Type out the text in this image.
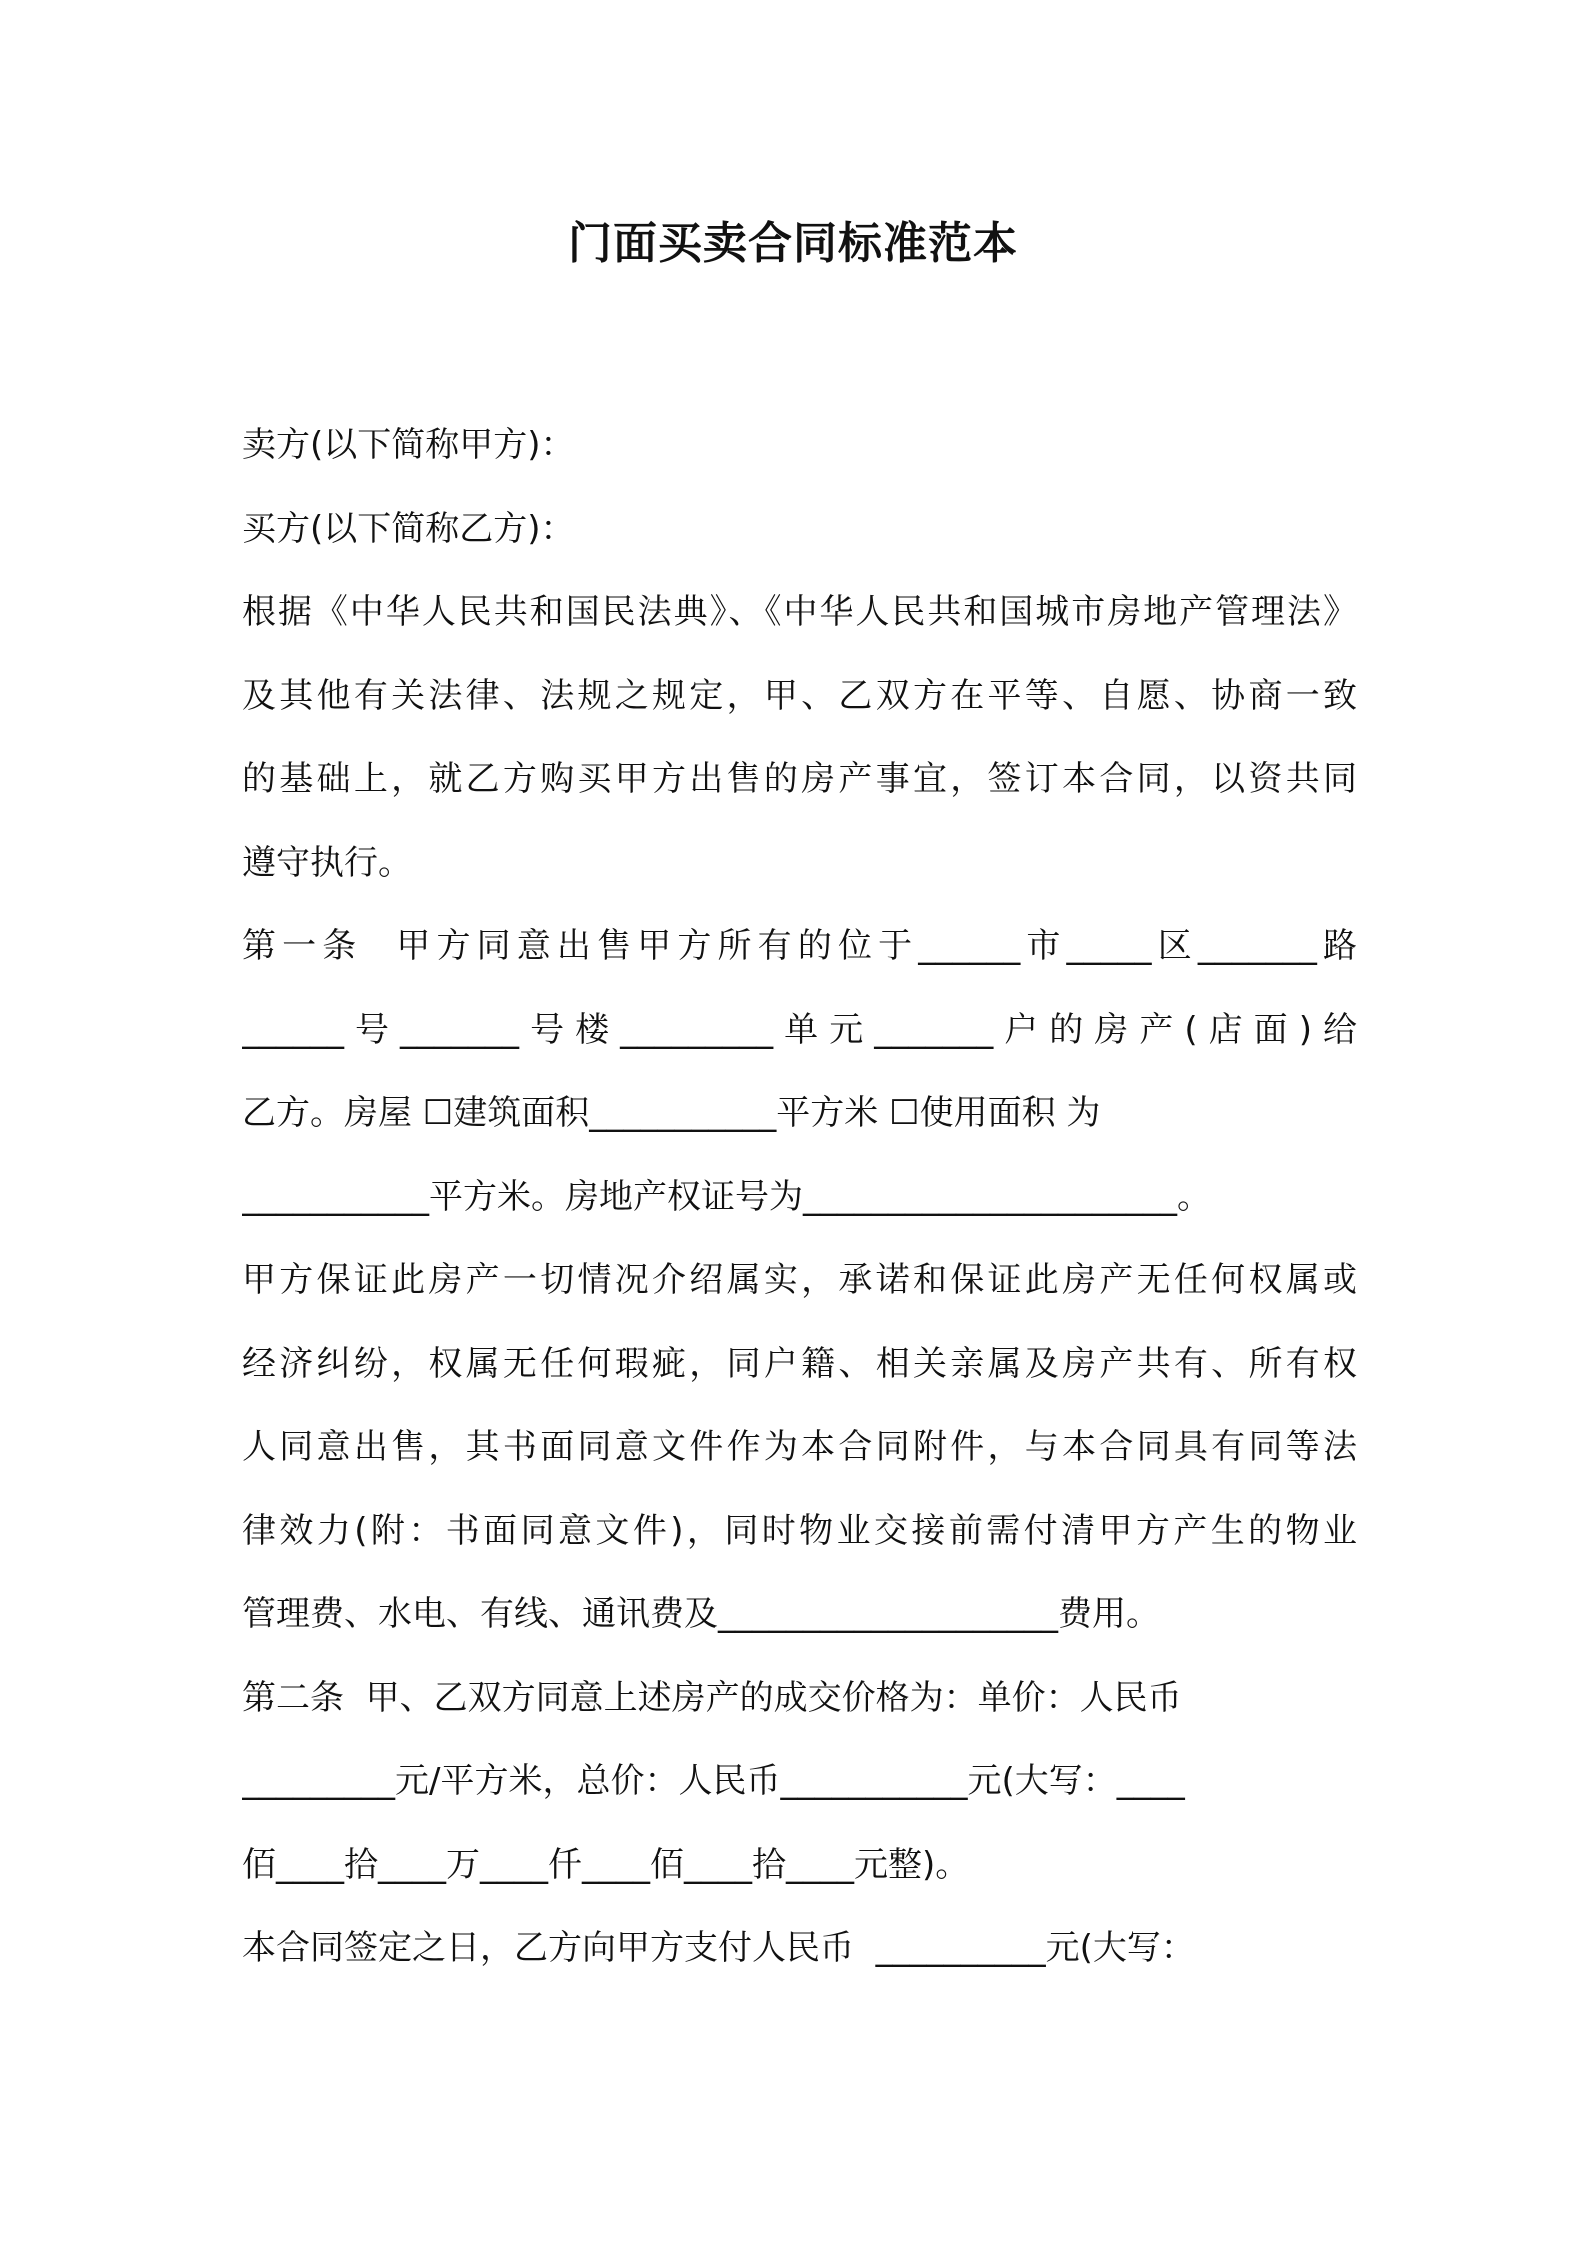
门面买卖合同标准范本
卖方(以下简称甲方)：
买方(以下简称乙方)：
根据《中华人民共和国民法典》、《中华人民共和国城市房地产管理法》
及其他有关法律、法规之规定，甲、乙双方在平等、自愿、协商一致
的基础上，就乙方购买甲方出售的房产事宜，签订本合同，以资共同
遵守执行。
第一条  甲方同意出售甲方所有的位于______市_____区_______路
______号_______号楼_________单元_______户的房产(店面)给
乙方。房屋 ☐建筑面积___________平方米 ☐使用面积 为
___________平方米。房地产权证号为______________________。
甲方保证此房产一切情况介绍属实，承诺和保证此房产无任何权属或
经济纠纷，权属无任何瑕疵，同户籍、相关亲属及房产共有、所有权
人同意出售，其书面同意文件作为本合同附件，与本合同具有同等法
律效力(附：书面同意文件)，同时物业交接前需付清甲方产生的物业
管理费、水电、有线、通讯费及____________________费用。
第二条  甲、乙双方同意上述房产的成交价格为：单价：人民币
_________元/平方米，总价：人民币___________元(大写：____
佰____拾____万____仟____佰____拾____元整)。
本合同签定之日，乙方向甲方支付人民币  __________元(大写：
